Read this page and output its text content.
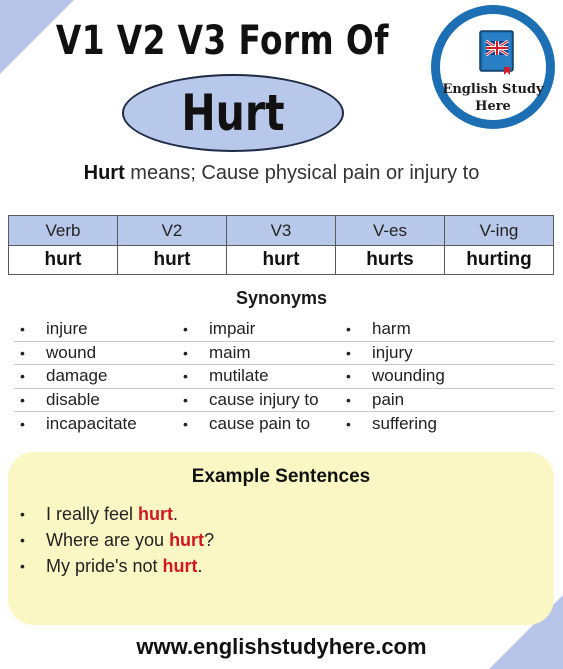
V1 V2 V3 Form Of
Hurt	English Study
Here
Hurt means; Cause physical pain or injury to
Verb	V2	V3	V-es	V-ing
hurt	hurt	hurt	hurts	hurting
Synonyms
•	injure	•	impair	•	harm
•	wound	•	maim	•	injury
•	damage	•	mutilate	•	wounding
•	disable	•	cause injury to	•	pain
•	incapacitate	•	cause pain to	•	suffering
Example Sentences
•	I really feel hurt .
•	Where are you hurt ?
•	My pride's not hurt .
www.englishstudyhere.com
